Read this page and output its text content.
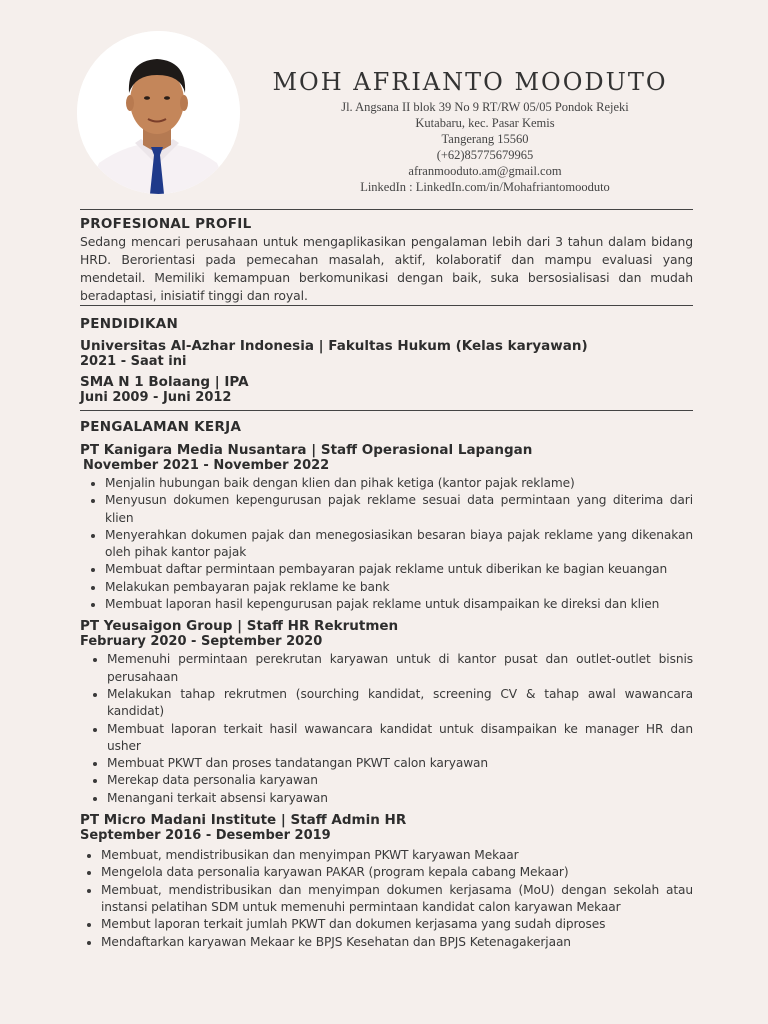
MOH AFRIANTO MOODUTO
Jl. Angsana II blok 39 No 9 RT/RW 05/05 Pondok Rejeki
Kutabaru, kec. Pasar Kemis
Tangerang 15560
(+62)85775679965
afranmooduto.am@gmail.com
LinkedIn : LinkedIn.com/in/Mohafriantomooduto
PROFESIONAL PROFIL

Sedang mencari perusahaan untuk mengaplikasikan pengalaman lebih dari 3 tahun dalam bidang HRD. Berorientasi pada pemecahan masalah, aktif, kolaboratif dan mampu evaluasi yang mendetail. Memiliki kemampuan berkomunikasi dengan baik, suka bersosialisasi dan mudah beradaptasi, inisiatif tinggi dan royal.

PENDIDIKAN
Universitas Al-Azhar Indonesia | Fakultas Hukum (Kelas karyawan)
2021 - Saat ini
SMA N 1 Bolaang | IPA
Juni 2009 - Juni 2012
PENGALAMAN KERJA
PT Kanigara Media Nusantara | Staff Operasional Lapangan
November 2021 - November 2022
• Menjalin hubungan baik dengan klien dan pihak ketiga (kantor pajak reklame)
• Menyusun dokumen kepengurusan pajak reklame sesuai data permintaan yang diterima dari klien
• Menyerahkan dokumen pajak dan menegosiasikan besaran biaya pajak reklame yang dikenakan oleh pihak kantor pajak
• Membuat daftar permintaan pembayaran pajak reklame untuk diberikan ke bagian keuangan
• Melakukan pembayaran pajak reklame ke bank
• Membuat laporan hasil kepengurusan pajak reklame untuk disampaikan ke direksi dan klien
PT Yeusaigon Group | Staff HR Rekrutmen
February 2020 - September 2020
• Memenuhi permintaan perekrutan karyawan untuk di kantor pusat dan outlet-outlet bisnis perusahaan
• Melakukan tahap rekrutmen (sourching kandidat, screening CV & tahap awal wawancara kandidat)
• Membuat laporan terkait hasil wawancara kandidat untuk disampaikan ke manager HR dan usher
• Membuat PKWT dan proses tandatangan PKWT calon karyawan
• Merekap data personalia karyawan
• Menangani terkait absensi karyawan
PT Micro Madani Institute | Staff Admin HR
September 2016 - Desember 2019
• Membuat, mendistribusikan dan menyimpan PKWT karyawan Mekaar
• Mengelola data personalia karyawan PAKAR (program kepala cabang Mekaar)
• Membuat, mendistribusikan dan menyimpan dokumen kerjasama (MoU) dengan sekolah atau instansi pelatihan SDM untuk memenuhi permintaan kandidat calon karyawan Mekaar
• Membut laporan terkait jumlah PKWT dan dokumen kerjasama yang sudah diproses
• Mendaftarkan karyawan Mekaar ke BPJS Kesehatan dan BPJS Ketenagakerjaan
